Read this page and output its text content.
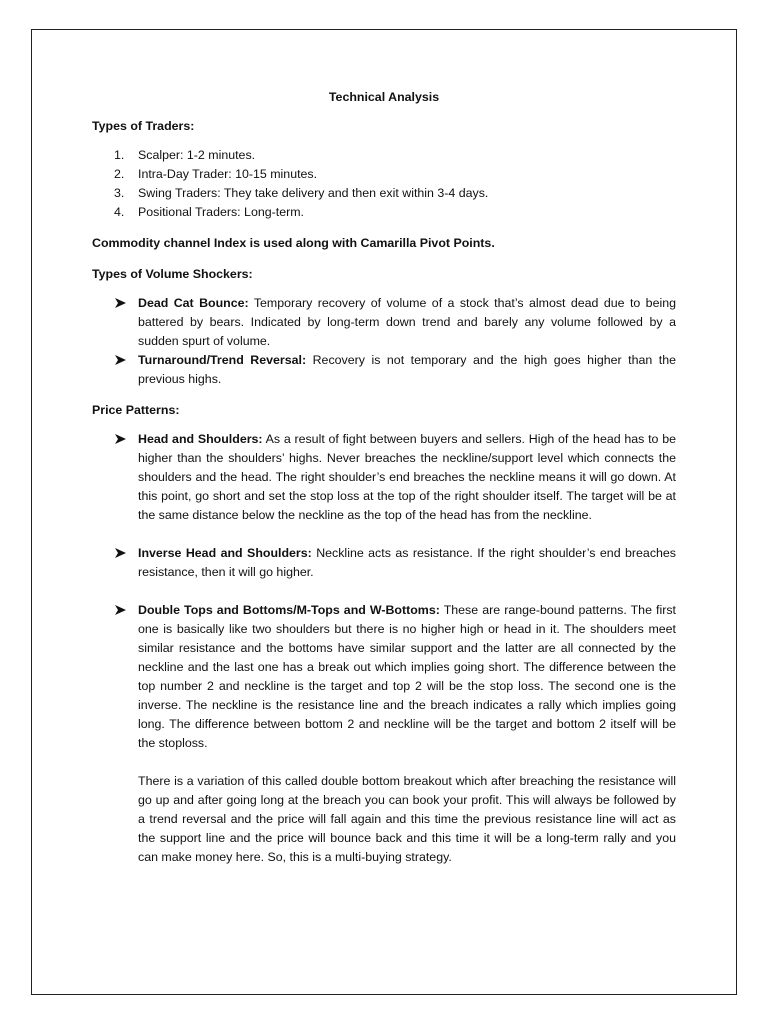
Technical Analysis
Types of Traders:
1.	Scalper: 1-2 minutes.
2.	Intra-Day Trader: 10-15 minutes.
3.	Swing Traders: They take delivery and then exit within 3-4 days.
4.	Positional Traders: Long-term.
Commodity channel Index is used along with Camarilla Pivot Points.
Types of Volume Shockers:
Dead Cat Bounce: Temporary recovery of volume of a stock that’s almost dead due to being battered by bears. Indicated by long-term down trend and barely any volume followed by a sudden spurt of volume.
Turnaround/Trend Reversal: Recovery is not temporary and the high goes higher than the previous highs.
Price Patterns:
Head and Shoulders: As a result of fight between buyers and sellers. High of the head has to be higher than the shoulders’ highs. Never breaches the neckline/support level which connects the shoulders and the head. The right shoulder’s end breaches the neckline means it will go down. At this point, go short and set the stop loss at the top of the right shoulder itself. The target will be at the same distance below the neckline as the top of the head has from the neckline.
Inverse Head and Shoulders: Neckline acts as resistance. If the right shoulder’s end breaches resistance, then it will go higher.
Double Tops and Bottoms/M-Tops and W-Bottoms: These are range-bound patterns. The first one is basically like two shoulders but there is no higher high or head in it. The shoulders meet similar resistance and the bottoms have similar support and the latter are all connected by the neckline and the last one has a break out which implies going short. The difference between the top number 2 and neckline is the target and top 2 will be the stop loss. The second one is the inverse. The neckline is the resistance line and the breach indicates a rally which implies going long. The difference between bottom 2 and neckline will be the target and bottom 2 itself will be the stoploss.

There is a variation of this called double bottom breakout which after breaching the resistance will go up and after going long at the breach you can book your profit. This will always be followed by a trend reversal and the price will fall again and this time the previous resistance line will act as the support line and the price will bounce back and this time it will be a long-term rally and you can make money here. So, this is a multi-buying strategy.
